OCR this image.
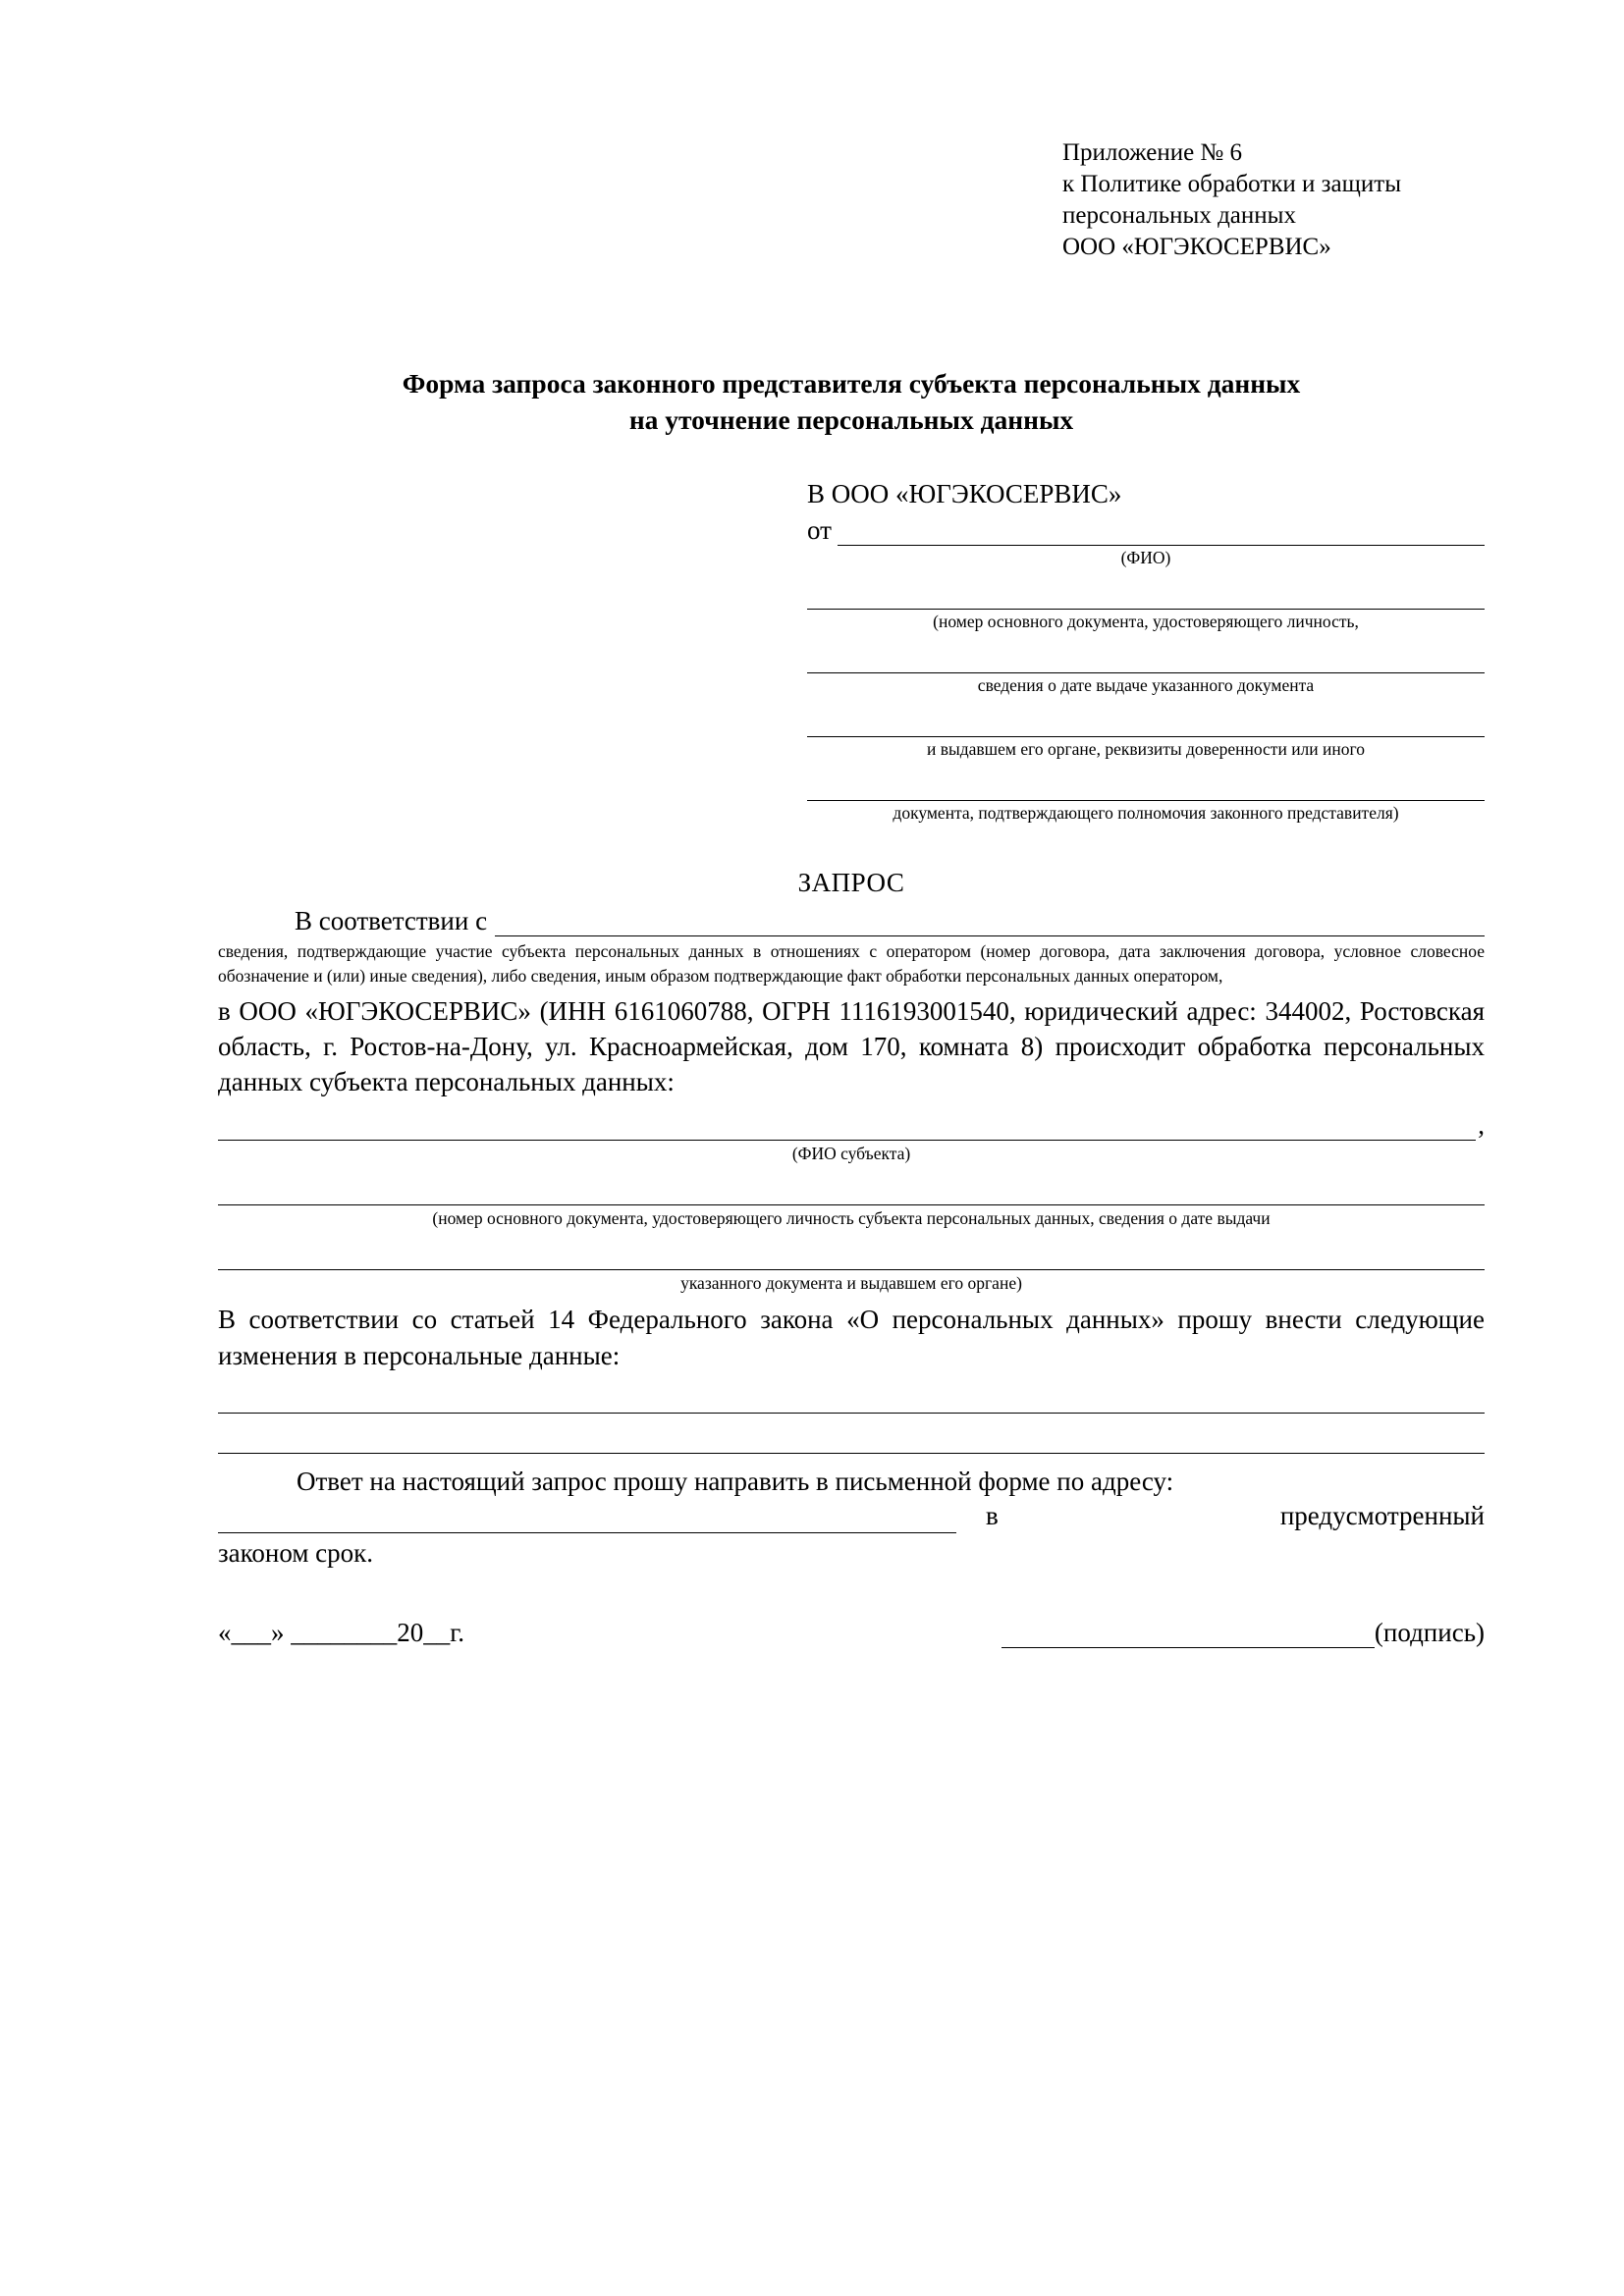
Приложение № 6
к Политике обработки и защиты
персональных данных
ООО «ЮГЭКОСЕРВИС»
Форма запроса законного представителя субъекта персональных данных
на уточнение персональных данных
В ООО «ЮГЭКОСЕРВИС»
от
(ФИО)
(номер основного документа, удостоверяющего личность,
сведения о дате выдаче указанного документа
и выдавшем его органе, реквизиты доверенности или иного
документа, подтверждающего полномочия законного представителя)
ЗАПРОС
В соответствии с
сведения, подтверждающие участие субъекта персональных данных в отношениях с оператором (номер договора, дата заключения договора, условное словесное обозначение и (или) иные сведения), либо сведения, иным образом подтверждающие факт обработки персональных данных оператором,
в ООО «ЮГЭКОСЕРВИС» (ИНН 6161060788, ОГРН 1116193001540, юридический адрес: 344002, Ростовская область, г. Ростов-на-Дону, ул. Красноармейская, дом 170, комната 8) происходит обработка персональных данных субъекта персональных данных:
,
(ФИО субъекта)
(номер основного документа, удостоверяющего личность субъекта персональных данных, сведения о дате выдачи
указанного документа и выдавшем его органе)
В соответствии со статьей 14 Федерального закона «О персональных данных» прошу внести следующие изменения в персональные данные:
Ответ на настоящий запрос прошу направить в письменной форме по адресу:
в	предусмотренный
законом срок.
«___» ________20__г.	(подпись)
